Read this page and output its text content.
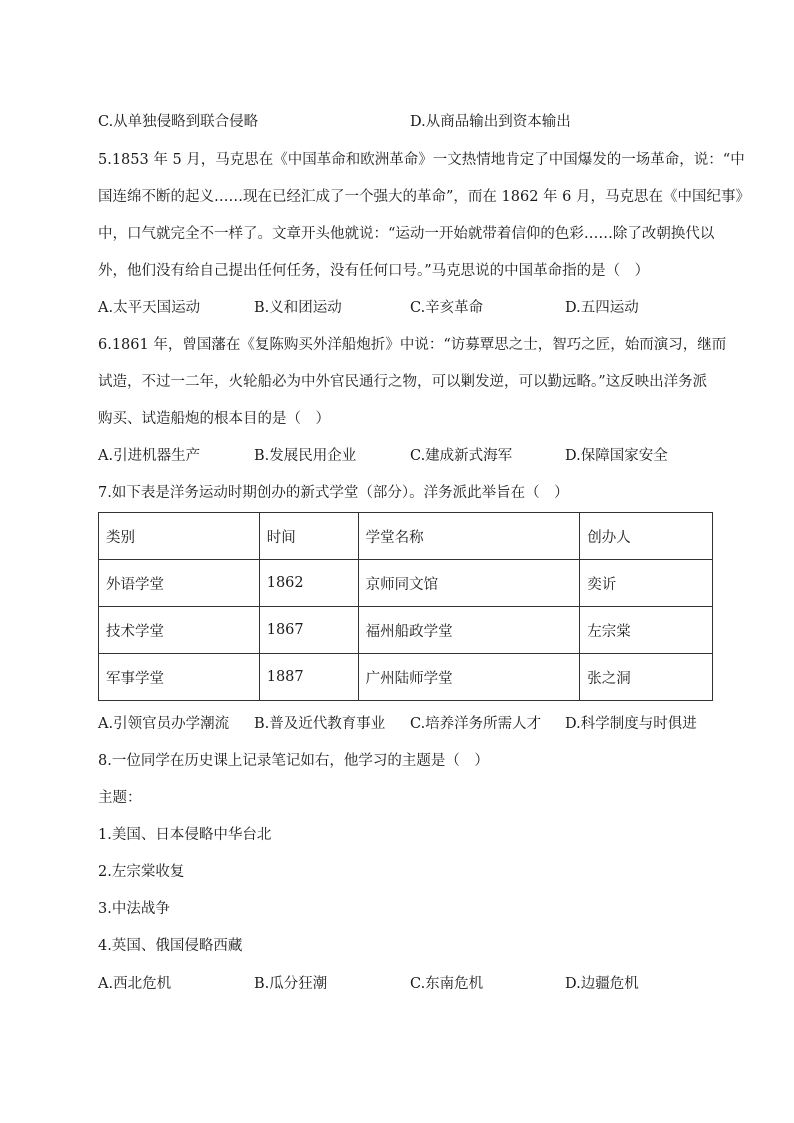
C.从单独侵略到联合侵略	D.从商品输出到资本输出
5.1853 年 5 月，马克思在《中国革命和欧洲革命》一文热情地肯定了中国爆发的一场革命，说：“中
国连绵不断的起义……现在已经汇成了一个强大的革命”，而在 1862 年 6 月，马克思在《中国纪事》
中，口气就完全不一样了。文章开头他就说：“运动一开始就带着信仰的色彩……除了改朝换代以
外，他们没有给自己提出任何任务，没有任何口号。”马克思说的中国革命指的是（　）
A.太平天国运动	B.义和团运动	C.辛亥革命	D.五四运动
6.1861 年，曾国藩在《复陈购买外洋船炮折》中说：“访募覃思之士，智巧之匠，始而演习，继而
试造，不过一二年，火轮船必为中外官民通行之物，可以剿发逆，可以勤远略。”这反映出洋务派
购买、试造船炮的根本目的是（　）
A.引进机器生产	B.发展民用企业	C.建成新式海军	D.保障国家安全
7.如下表是洋务运动时期创办的新式学堂（部分）。洋务派此举旨在（　）
类别	时间	学堂名称	创办人
外语学堂	1862	京师同文馆	奕䜣
技术学堂	1867	福州船政学堂	左宗棠
军事学堂	1887	广州陆师学堂	张之洞
A.引领官员办学潮流 B.普及近代教育事业 C.培养洋务所需人才 D.科学制度与时俱进
8.一位同学在历史课上记录笔记如右，他学习的主题是（　）
主题：
1.美国、日本侵略中华台北
2.左宗棠收复
3.中法战争
4.英国、俄国侵略西藏
A.西北危机	B.瓜分狂潮	C.东南危机	D.边疆危机
